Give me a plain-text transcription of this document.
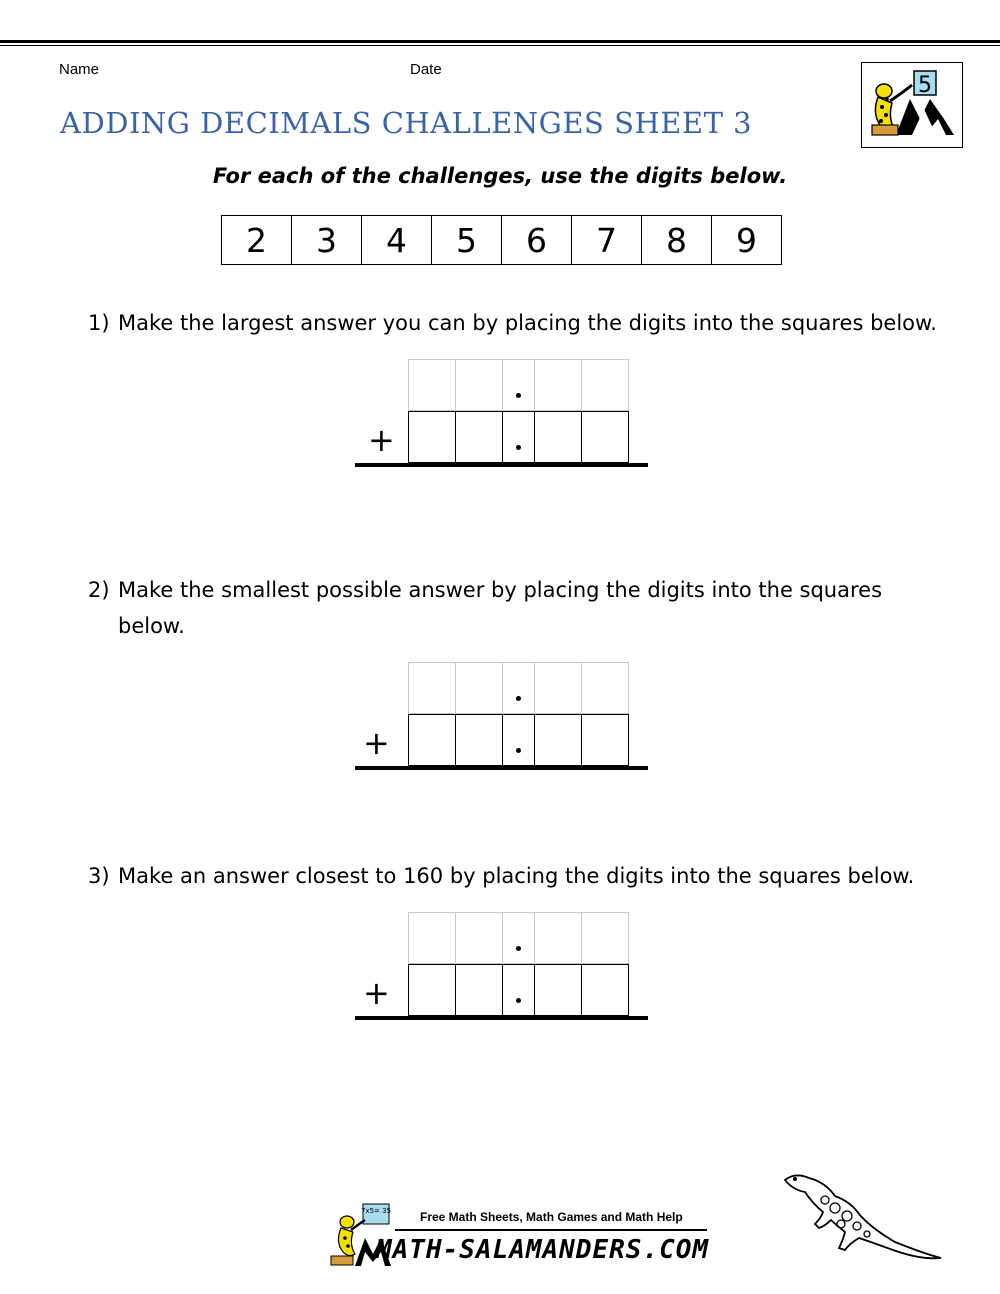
Name	Date
ADDING DECIMALS CHALLENGES SHEET 3
5
For each of the challenges, use the digits below.
2	3	4	5	6	7	8	9
1) Make the largest answer you can by placing the digits into the squares below.
+
2) Make the smallest possible answer by placing the digits into the squares below.
+
3) Make an answer closest to 160 by placing the digits into the squares below.
+
7x5= 35 Free Math Sheets, Math Games and Math Help
MATH-SALAMANDERS.COM
